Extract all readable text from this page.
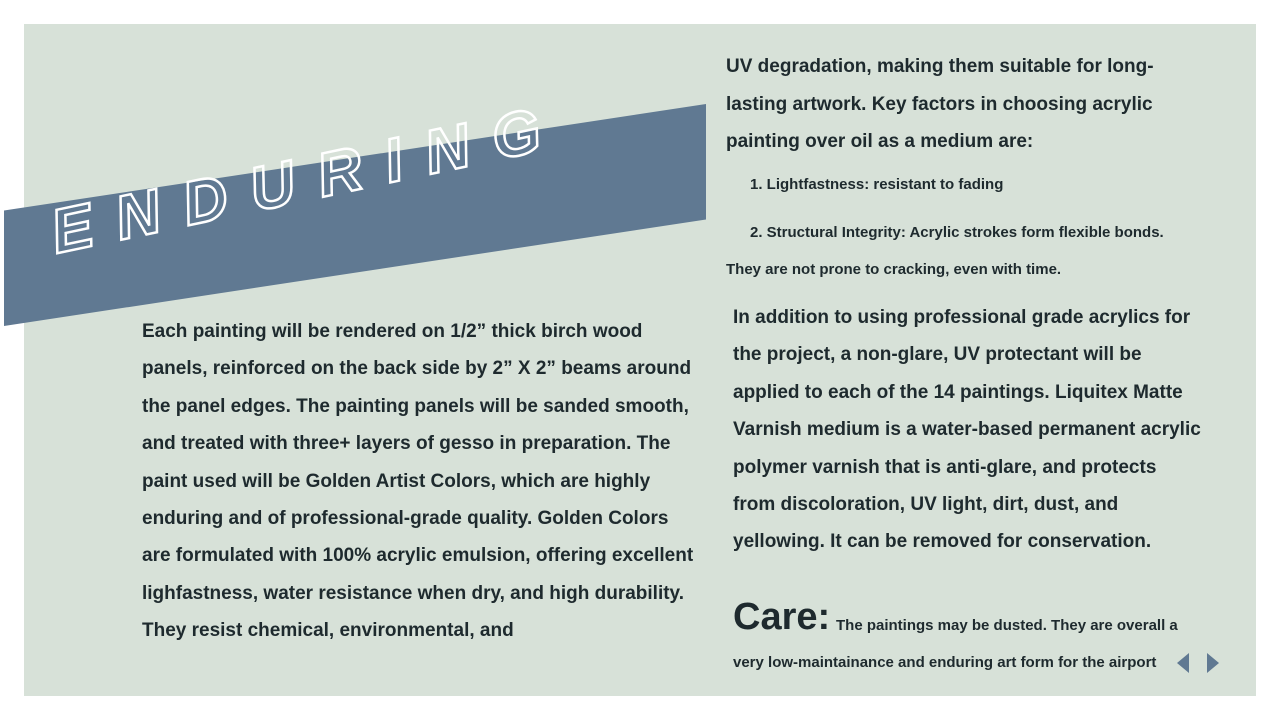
ENDURING
UV degradation, making them suitable for long-lasting artwork. Key factors in choosing acrylic painting over oil as a medium are:
1. Lightfastness: resistant to fading
2. Structural Integrity: Acrylic strokes form flexible bonds.
They are not prone to cracking, even with time.
Each painting will be rendered on 1/2” thick birch wood panels, reinforced on the back side by 2” X 2” beams around the panel edges. The painting panels will be sanded smooth, and treated with three+ layers of gesso in preparation. The paint used will be Golden Artist Colors, which are highly enduring and of professional-grade quality. Golden Colors are formulated with 100% acrylic emulsion, offering excellent lighfastness, water resistance when dry, and high durability. They resist chemical, environmental, and
In addition to using professional grade acrylics for the project, a non-glare, UV protectant will be applied to each of the 14 paintings. Liquitex Matte Varnish medium is a water-based permanent acrylic polymer varnish that is anti-glare, and protects from discoloration, UV light, dirt, dust, and yellowing. It can be removed for conservation.
Care: The paintings may be dusted. They are overall a
very low-maintainance and enduring art form for the airport
